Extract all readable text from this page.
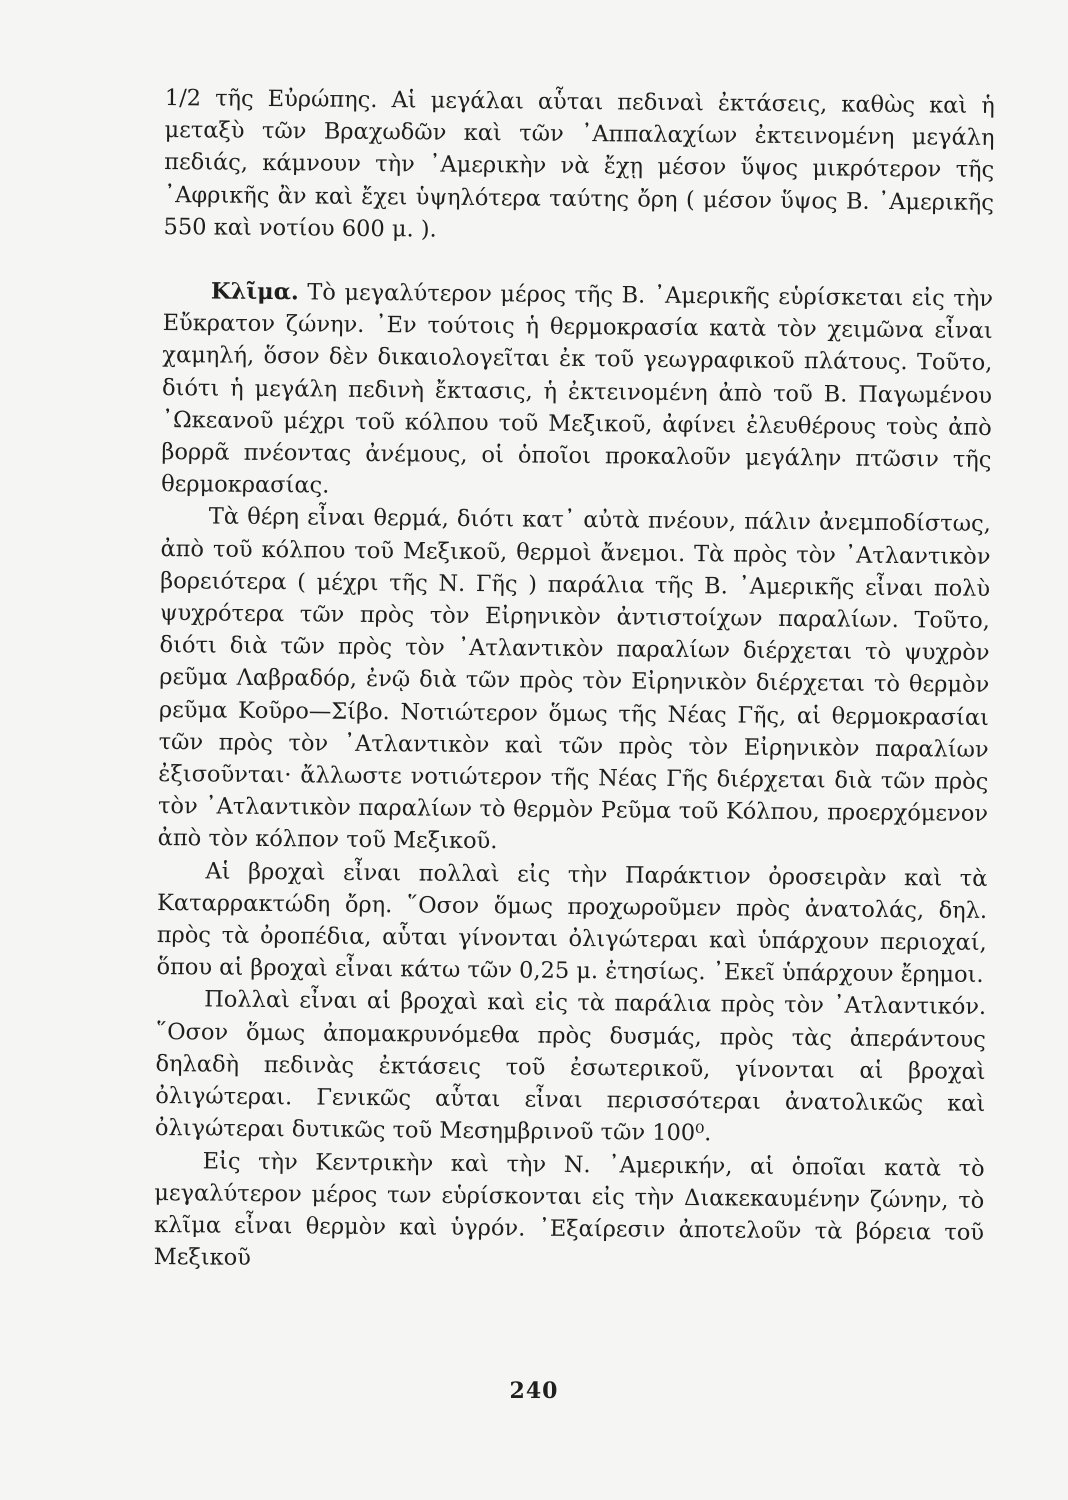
1/2 τῆς Εὐρώπης. Αἱ μεγάλαι αὗται πεδιναὶ ἐκτάσεις, καθὼς καὶ ἡ μεταξὺ τῶν Βραχωδῶν καὶ τῶν ᾿Αππαλαχίων ἐκτεινομένη μεγάλη πεδιάς, κάμνουν τὴν ᾿Αμερικὴν νὰ ἔχῃ μέσον ὕψος μικρότερον τῆς ᾿Αφρικῆς ἂν καὶ ἔχει ὑψηλότερα ταύτης ὄρη ( μέσον ὕψος Β. ᾿Αμερικῆς 550 καὶ νοτίου 600 μ. ).

Κλῖμα. Τὸ μεγαλύτερον μέρος τῆς Β. ᾿Αμερικῆς εὑρίσκεται εἰς τὴν Εὔκρατον ζώνην. ᾿Εν τούτοις ἡ θερμοκρασία κατὰ τὸν χειμῶνα εἶναι χαμηλή, ὅσον δὲν δικαιολογεῖται ἐκ τοῦ γεωγραφικοῦ πλάτους. Τοῦτο, διότι ἡ μεγάλη πεδινὴ ἔκτασις, ἡ ἐκτεινομένη ἀπὸ τοῦ Β. Παγωμένου ᾿Ωκεανοῦ μέχρι τοῦ κόλπου τοῦ Μεξικοῦ, ἀφίνει ἐλευθέρους τοὺς ἀπὸ βορρᾶ πνέοντας ἀνέμους, οἱ ὁποῖοι προκαλοῦν μεγάλην πτῶσιν τῆς θερμοκρασίας.

Τὰ θέρη εἶναι θερμά, διότι κατ᾿ αὐτὰ πνέουν, πάλιν ἀνεμποδίστως, ἀπὸ τοῦ κόλπου τοῦ Μεξικοῦ, θερμοὶ ἄνεμοι. Τὰ πρὸς τὸν ᾿Ατλαντικὸν βορειότερα ( μέχρι τῆς Ν. Γῆς ) παράλια τῆς Β. ᾿Αμερικῆς εἶναι πολὺ ψυχρότερα τῶν πρὸς τὸν Εἰρηνικὸν ἀντιστοίχων παραλίων. Τοῦτο, διότι διὰ τῶν πρὸς τὸν ᾿Ατλαντικὸν παραλίων διέρχεται τὸ ψυχρὸν ρεῦμα Λαβραδόρ, ἐνῷ διὰ τῶν πρὸς τὸν Εἰρηνικὸν διέρχεται τὸ θερμὸν ρεῦμα Κοῦρο—Σίβο. Νοτιώτερον ὅμως τῆς Νέας Γῆς, αἱ θερμοκρασίαι τῶν πρὸς τὸν ᾿Ατλαντικὸν καὶ τῶν πρὸς τὸν Εἰρηνικὸν παραλίων ἐξισοῦνται· ἄλλωστε νοτιώτερον τῆς Νέας Γῆς διέρχεται διὰ τῶν πρὸς τὸν ᾿Ατλαντικὸν παραλίων τὸ θερμὸν Ρεῦμα τοῦ Κόλπου, προερχόμενον ἀπὸ τὸν κόλπον τοῦ Μεξικοῦ.

Αἱ βροχαὶ εἶναι πολλαὶ εἰς τὴν Παράκτιον ὀροσειρὰν καὶ τὰ Καταρρακτώδη ὄρη. ῞Οσον ὅμως προχωροῦμεν πρὸς ἀνατολάς, δηλ. πρὸς τὰ ὀροπέδια, αὗται γίνονται ὀλιγώτεραι καὶ ὑπάρχουν περιοχαί, ὅπου αἱ βροχαὶ εἶναι κάτω τῶν 0,25 μ. ἐτησίως. ᾿Εκεῖ ὑπάρχουν ἔρημοι.

Πολλαὶ εἶναι αἱ βροχαὶ καὶ εἰς τὰ παράλια πρὸς τὸν ᾿Ατλαντικόν. ῞Οσον ὅμως ἀπομακρυνόμεθα πρὸς δυσμάς, πρὸς τὰς ἀπεράντους δηλαδὴ πεδινὰς ἐκτάσεις τοῦ ἐσωτερικοῦ, γίνονται αἱ βροχαὶ ὀλιγώτεραι. Γενικῶς αὗται εἶναι περισσότεραι ἀνατολικῶς καὶ ὀλιγώτεραι δυτικῶς τοῦ Μεσημβρινοῦ τῶν 100⁰.

Εἰς τὴν Κεντρικὴν καὶ τὴν Ν. ᾿Αμερικήν, αἱ ὁποῖαι κατὰ τὸ μεγαλύτερον μέρος των εὑρίσκονται εἰς τὴν Διακεκαυμένην ζώνην, τὸ κλῖμα εἶναι θερμὸν καὶ ὑγρόν. ᾿Εξαίρεσιν ἀποτελοῦν τὰ βόρεια τοῦ Μεξικοῦ

240
